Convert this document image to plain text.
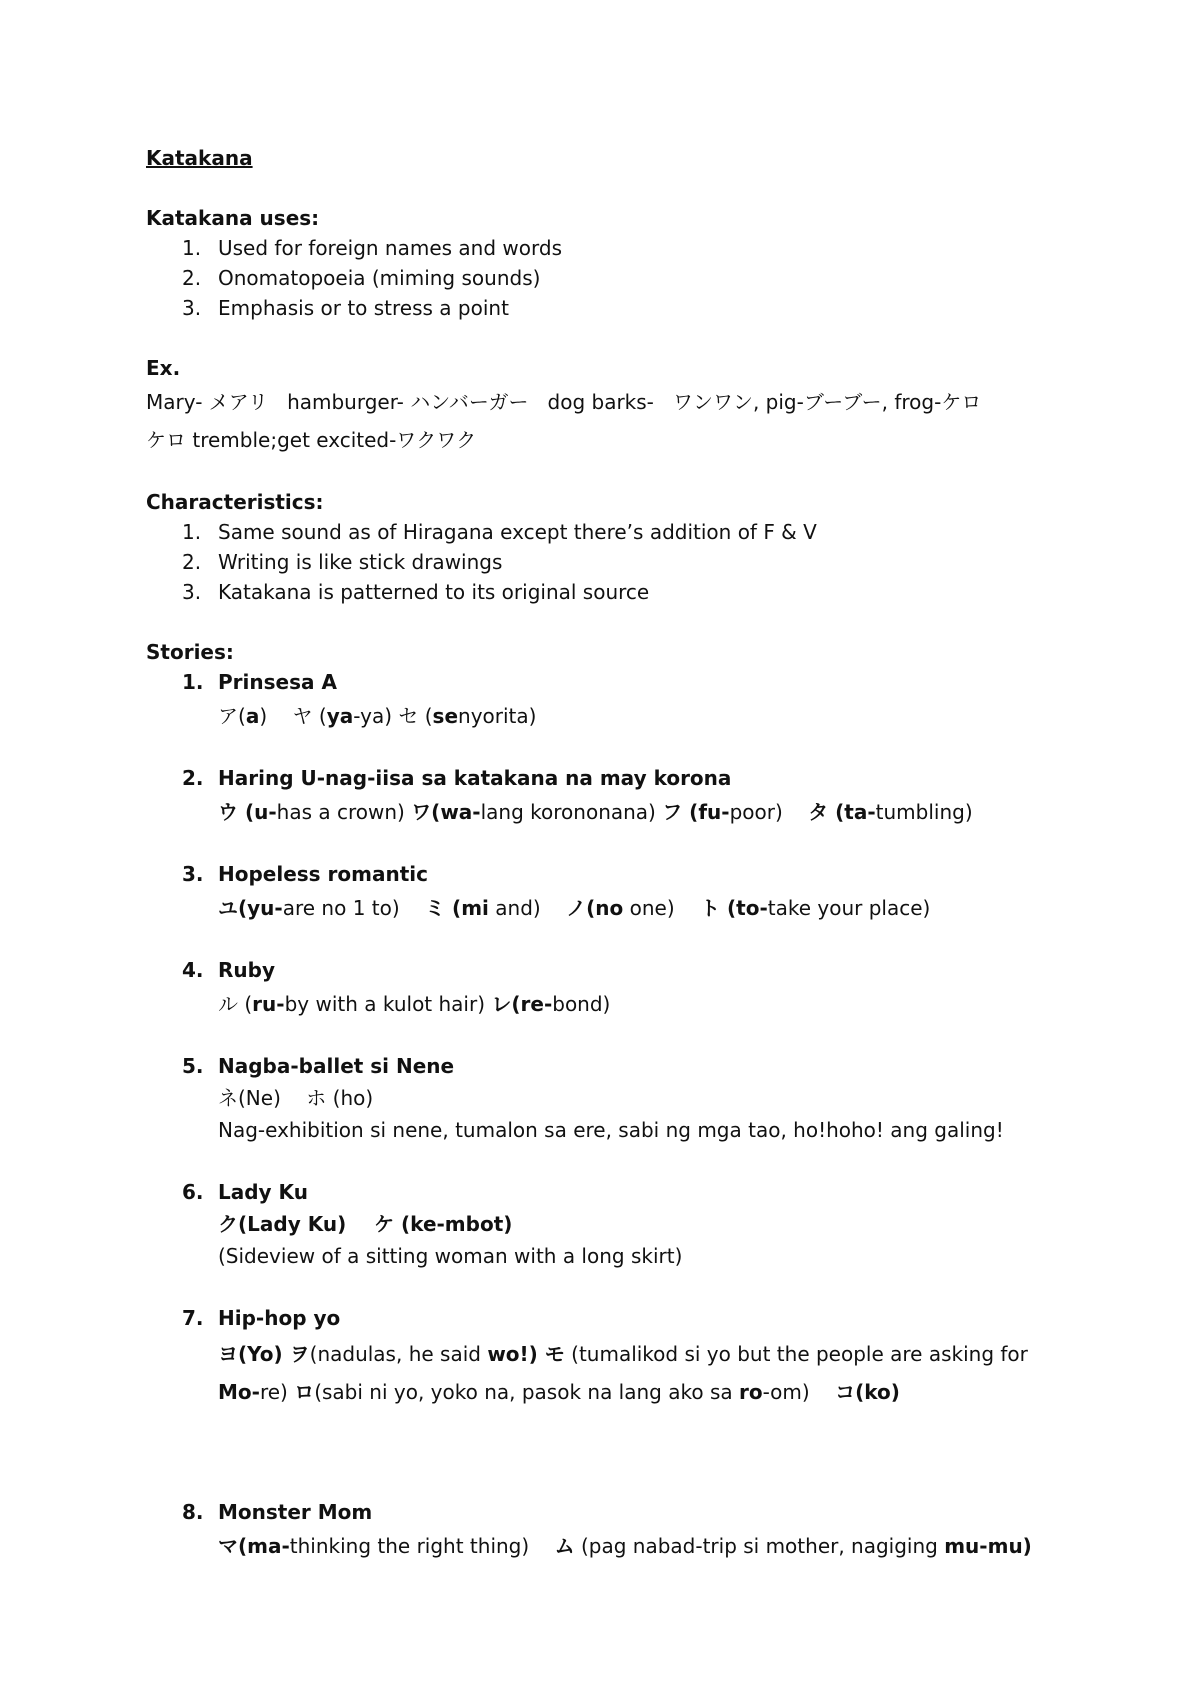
Katakana
Katakana uses:
1. Used for foreign names and words
2. Onomatopoeia (miming sounds)
3. Emphasis or to stress a point
Ex.
Mary- メアリ   hamburger- ハンバーガー   dog barks-   ワンワン, pig-ブーブー, frog-ケロ
ケロ tremble;get excited-ワクワク
Characteristics:
1. Same sound as of Hiragana except there’s addition of F & V
2. Writing is like stick drawings
3. Katakana is patterned to its original source
Stories:
1. Prinsesa A
ア(a)    ヤ (ya-ya) セ (senyorita)
2. Haring U-nag-iisa sa katakana na may korona
ウ (u-has a crown) ワ(wa-lang korononana) フ (fu-poor)    タ (ta-tumbling)
3. Hopeless romantic
ユ(yu-are no 1 to)    ミ (mi and)    ノ(no one)    ト (to-take your place)
4. Ruby
ル (ru-by with a kulot hair) レ(re-bond)
5. Nagba-ballet si Nene
ネ(Ne)    ホ (ho)
Nag-exhibition si nene, tumalon sa ere, sabi ng mga tao, ho!hoho! ang galing!
6. Lady Ku
ク(Lady Ku)    ケ (ke-mbot)
(Sideview of a sitting woman with a long skirt)
7. Hip-hop yo
ヨ(Yo) ヲ(nadulas, he said wo!) モ (tumalikod si yo but the people are asking for
Mo-re) ロ(sabi ni yo, yoko na, pasok na lang ako sa ro-om)    コ(ko)
8. Monster Mom
マ(ma-thinking the right thing)    ム (pag nabad-trip si mother, nagiging mu-mu)
